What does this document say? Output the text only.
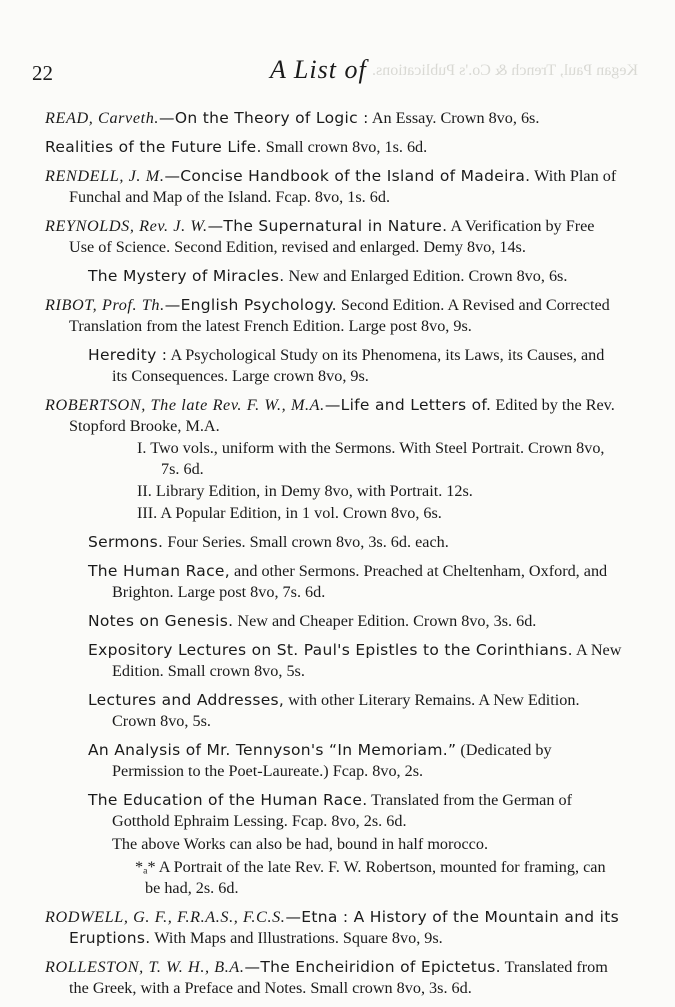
Kegan Paul, Trench & Co.'s Publications.
22	A List of
READ, Carveth.—On the Theory of Logic : An Essay. Crown 8vo, 6s.
Realities of the Future Life. Small crown 8vo, 1s. 6d.
RENDELL, J. M.—Concise Handbook of the Island of Madeira. With Plan of Funchal and Map of the Island. Fcap. 8vo, 1s. 6d.
REYNOLDS, Rev. J. W.—The Supernatural in Nature. A Verification by Free Use of Science. Second Edition, revised and enlarged. Demy 8vo, 14s.
The Mystery of Miracles. New and Enlarged Edition. Crown 8vo, 6s.
RIBOT, Prof. Th.—English Psychology. Second Edition. A Revised and Corrected Translation from the latest French Edition. Large post 8vo, 9s.
Heredity : A Psychological Study on its Phenomena, its Laws, its Causes, and its Consequences. Large crown 8vo, 9s.
ROBERTSON, The late Rev. F. W., M.A.—Life and Letters of. Edited by the Rev. Stopford Brooke, M.A.
I. Two vols., uniform with the Sermons. With Steel Portrait. Crown 8vo, 7s. 6d.
II. Library Edition, in Demy 8vo, with Portrait. 12s.
III. A Popular Edition, in 1 vol. Crown 8vo, 6s.
Sermons. Four Series. Small crown 8vo, 3s. 6d. each.
The Human Race, and other Sermons. Preached at Cheltenham, Oxford, and Brighton. Large post 8vo, 7s. 6d.
Notes on Genesis. New and Cheaper Edition. Crown 8vo, 3s. 6d.
Expository Lectures on St. Paul's Epistles to the Corinthians. A New Edition. Small crown 8vo, 5s.
Lectures and Addresses, with other Literary Remains. A New Edition. Crown 8vo, 5s.
An Analysis of Mr. Tennyson's “In Memoriam.” (Dedicated by Permission to the Poet-Laureate.) Fcap. 8vo, 2s.
The Education of the Human Race. Translated from the German of Gotthold Ephraim Lessing. Fcap. 8vo, 2s. 6d.
The above Works can also be had, bound in half morocco.
*ₐ* A Portrait of the late Rev. F. W. Robertson, mounted for framing, can be had, 2s. 6d.
RODWELL, G. F., F.R.A.S., F.C.S.—Etna : A History of the Mountain and its Eruptions. With Maps and Illustrations. Square 8vo, 9s.
ROLLESTON, T. W. H., B.A.—The Encheiridion of Epictetus. Translated from the Greek, with a Preface and Notes. Small crown 8vo, 3s. 6d.
